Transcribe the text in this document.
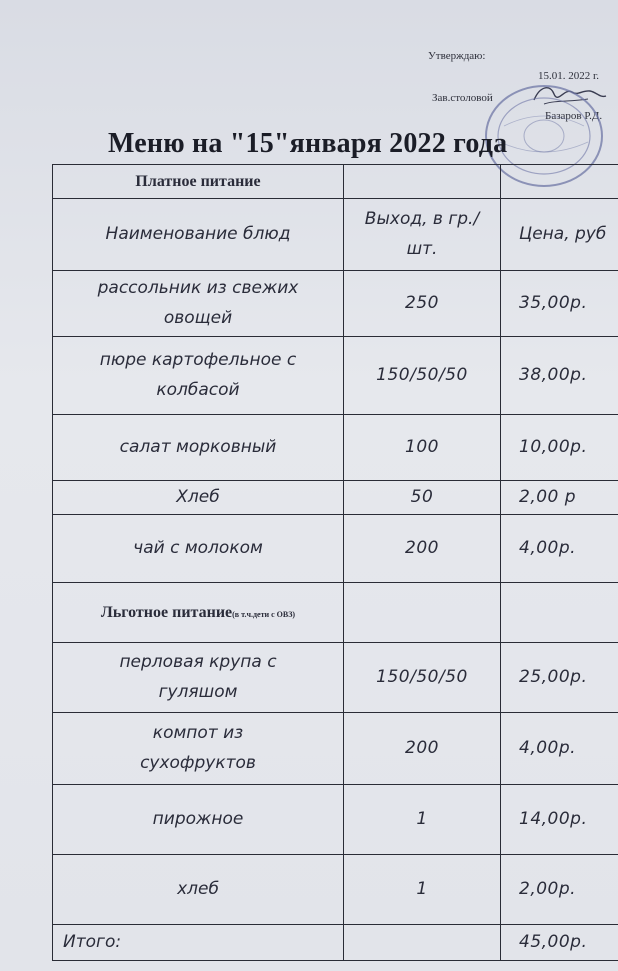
Утверждаю:
15.01. 2022 г.
Зав.столовой
Базаров Р.Д.
Меню на "15"января 2022 года
Платное питание		
Наименование блюд	Выход, в гр./шт.	Цена, руб
рассольник из свежих овощей	250	35,00р.
пюре картофельное с колбасой	150/50/50	38,00р.
салат морковный	100	10,00р.
Хлеб	50	2,00 р
чай с молоком	200	4,00р.
Льготное питание(в т.ч.дети с ОВЗ)		
перловая крупа с гуляшом	150/50/50	25,00р.
компот из сухофруктов	200	4,00р.
пирожное	1	14,00р.
хлеб	1	2,00р.
Итого:		45,00р.
